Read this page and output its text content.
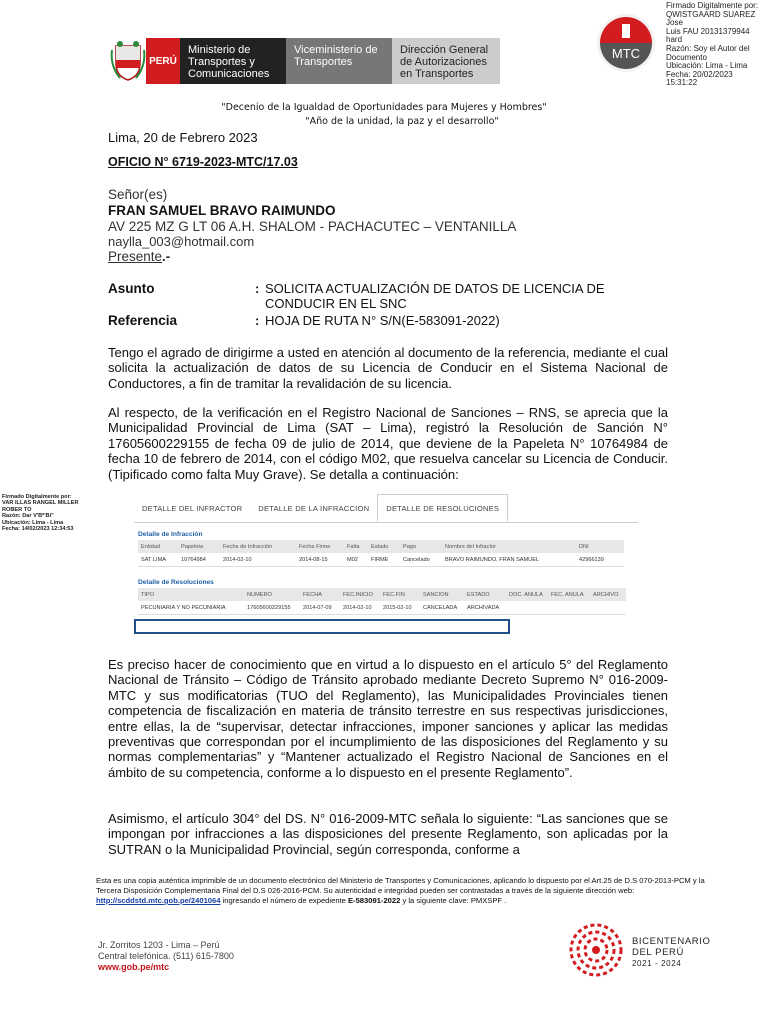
PERÚ
Ministerio de Transportes y Comunicaciones
Viceministerio de Transportes
Dirección General de Autorizaciones en Transportes
MTC
Firmado Digitalmente por:
QWISTGAARD SUAREZ Jose
Luis FAU 20131379944 hard
Razón: Soy el Autor del
Documento
Ubicación: Lima - Lima
Fecha: 20/02/2023 15:31:22
Firmado Digitalmente por:
VAR ILLAS RANGEL MILLER
ROBER TO
Razón: Dar V'Bº'Bi"
Ubicación: Lima - Lima
Fecha: 14/02/2023 12:34:53
"Decenio de la Igualdad de Oportunidades para Mujeres y Hombres"
"Año de la unidad, la paz y el desarrollo"
Lima, 20 de Febrero 2023
OFICIO N° 6719-2023-MTC/17.03
Señor(es)
FRAN SAMUEL BRAVO RAIMUNDO
AV 225 MZ G LT 06 A.H. SHALOM - PACHACUTEC – VENTANILLA
naylla_003@hotmail.com
Presente.-
Asunto	: SOLICITA ACTUALIZACIÓN DE DATOS DE LICENCIA DE
CONDUCIR EN EL SNC
Referencia	: HOJA DE RUTA N° S/N(E-583091-2022)
Tengo el agrado de dirigirme a usted en atención al documento de la referencia, mediante el cual solicita la actualización de datos de su Licencia de Conducir en el Sistema Nacional de Conductores, a fin de tramitar la revalidación de su licencia.
Al respecto, de la verificación en el Registro Nacional de Sanciones – RNS, se aprecia que la Municipalidad Provincial de Lima (SAT – Lima), registró la Resolución de Sanción N° 17605600229155 de fecha 09 de julio de 2014, que deviene de la Papeleta N° 10764984 de fecha 10 de febrero de 2014, con el código M02, que resuelva cancelar su Licencia de Conducir. (Tipificado como falta Muy Grave). Se detalla a continuación:
DETALLE DEL INFRACTOR	DETALLE DE LA INFRACCION	DETALLE DE RESOLUCIONES
Detalle de Infracción
Entidad	Papeleta	Fecha de Infracción	Fecha Firme	Falta	Estado	Pago	Nombre del Infractor	DNI
SAT LIMA	10764984	2014-02-10	2014-08-15	M02	FIRME	Cancelado	BRAVO RAIMUNDO, FRAN SAMUEL	42966139
Detalle de Resoluciones
TIPO	NUMERO	FECHA	FEC.INICIO	FEC.FIN	SANCION	ESTADO	DOC. ANULA	FEC. ANULA	ARCHIVO
PECUNIARIA Y NO PECUNIARIA	17605600229155	2014-07-09	2014-02-10	2015-02-10	CANCELADA	ARCHIVADA			
Es preciso hacer de conocimiento que en virtud a lo dispuesto en el artículo 5° del Reglamento Nacional de Tránsito – Código de Tránsito aprobado mediante Decreto Supremo N° 016-2009-MTC y sus modificatorias (TUO del Reglamento), las Municipalidades Provinciales tienen competencia de fiscalización en materia de tránsito terrestre en sus respectivas jurisdicciones, entre ellas, la de “supervisar, detectar infracciones, imponer sanciones y aplicar las medidas preventivas que correspondan por el incumplimiento de las disposiciones del Reglamento y su normas complementarias” y “Mantener actualizado el Registro Nacional de Sanciones en el ámbito de su competencia, conforme a lo dispuesto en el presente Reglamento”.
Asimismo, el artículo 304° del DS. N° 016-2009-MTC señala lo siguiente: “Las sanciones que se impongan por infracciones a las disposiciones del presente Reglamento, son aplicadas por la SUTRAN o la Municipalidad Provincial, según corresponda, conforme a
Esta es una copia auténtica imprimible de un documento electrónico del Ministerio de Transportes y Comunicaciones, aplicando lo dispuesto por el Art.25 de D.S 070-2013-PCM y la Tercera Disposición Complementaria Final del D.S 026-2016-PCM. Su autenticidad e integridad pueden ser contrastadas a través de la siguiente dirección web: http://scddstd.mtc.gob.pe/2401064 ingresando el número de expediente E-583091-2022 y la siguiente clave: PMXSPF .
Jr. Zorritos 1203 - Lima – Perú
Central telefónica. (511) 615-7800
www.gob.pe/mtc
BICENTENARIO
DEL PERÚ
2021 - 2024
